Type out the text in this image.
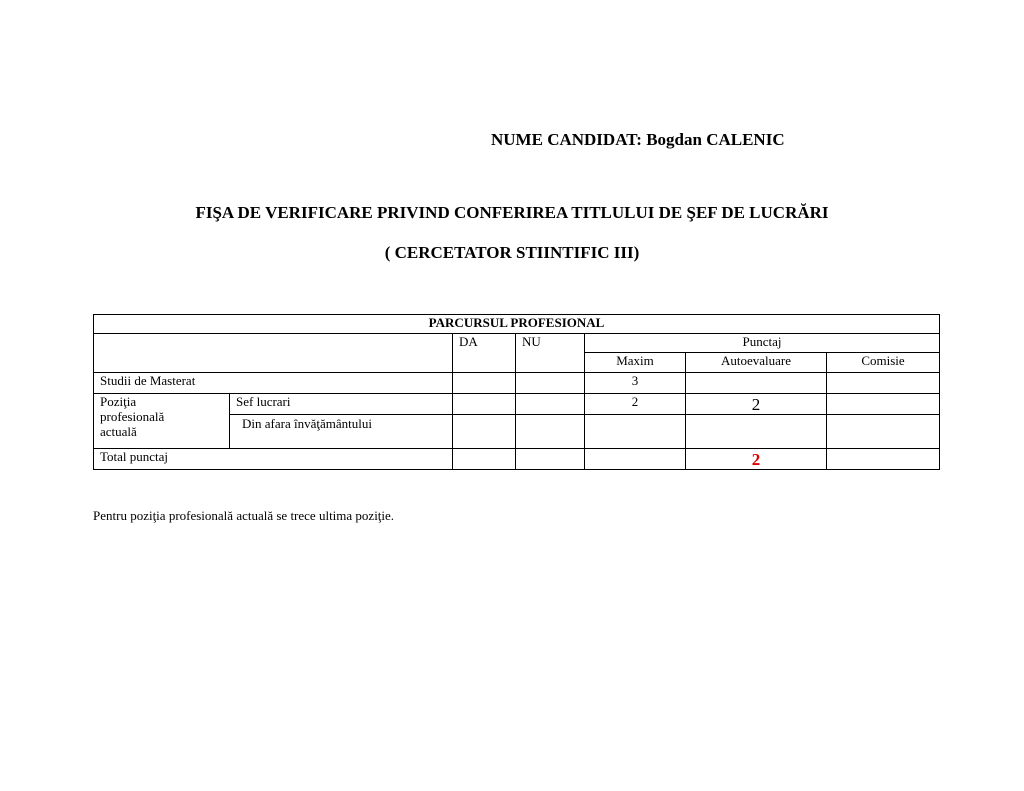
NUME CANDIDAT: Bogdan CALENIC
FIŞA DE VERIFICARE PRIVIND CONFERIREA TITLULUI DE ŞEF DE LUCRĂRI
( CERCETATOR STIINTIFIC III)
PARCURSUL PROFESIONAL						
		DA	NU	Punctaj		
				Maxim	Autoevaluare	Comisie
Studii de Masterat				3		
Poziţia profesională actuală	Sef lucrari			2	2	
	Din afara învăţământului					
Total punctaj					2	
Pentru poziţia profesională actuală se trece ultima poziţie.
